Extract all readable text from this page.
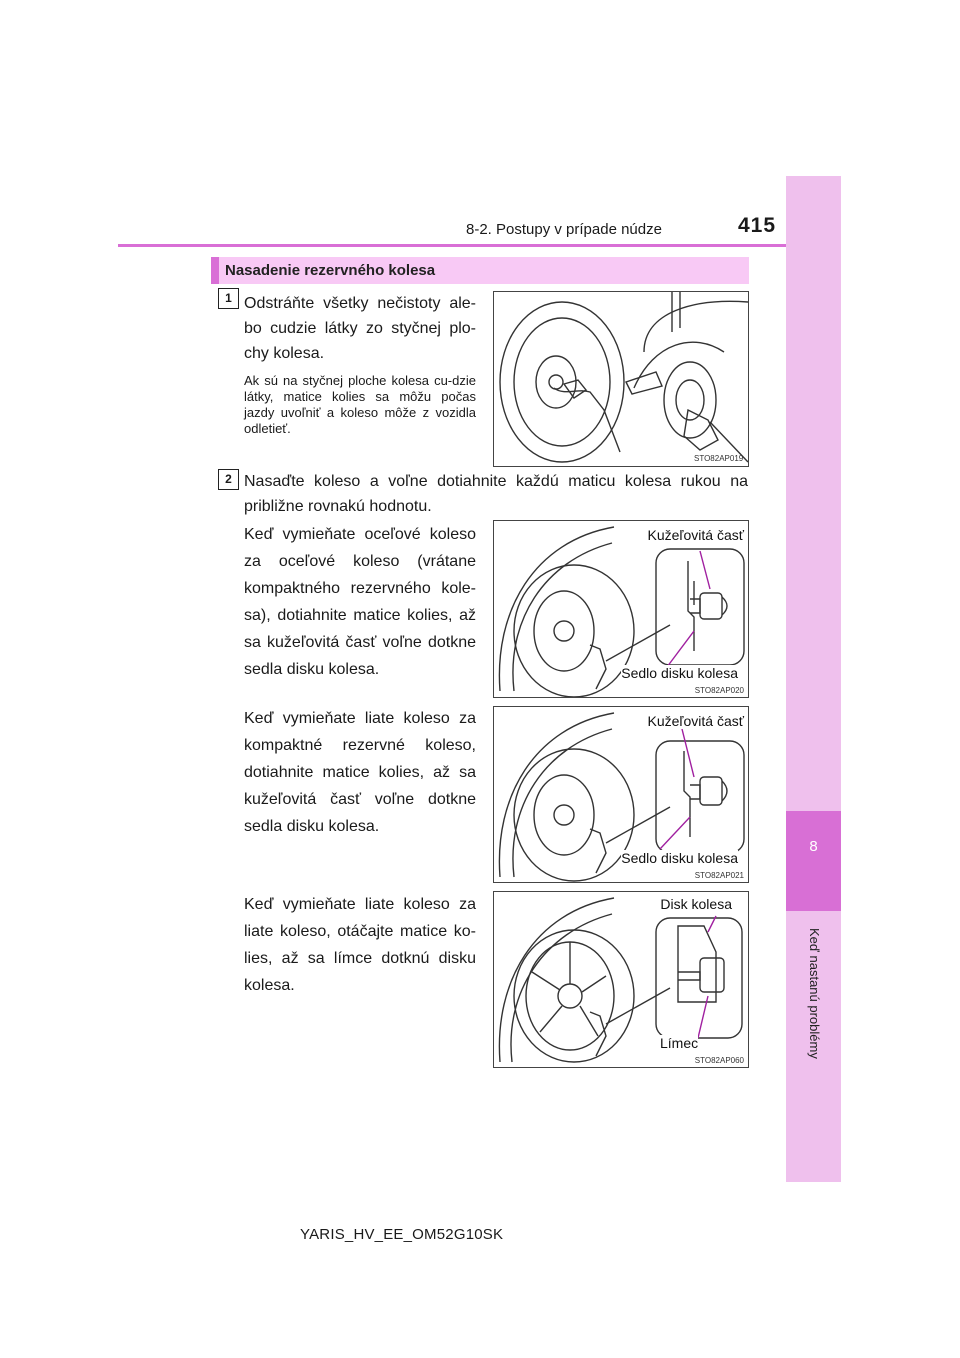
8
Keď nastanú problémy
8-2. Postupy v prípade núdze	415
Nasadenie rezervného kolesa
1 Odstráňte všetky nečistoty ale-bo cudzie látky zo styčnej plo-chy kolesa.
Ak sú na styčnej ploche kolesa cu-dzie látky, matice kolies sa môžu počas jazdy uvoľniť a koleso môže z vozidla odletieť.
STO82AP019
2 Nasaďte koleso a voľne dotiahnite každú maticu kolesa rukou na približne rovnakú hodnotu.
Keď vymieňate oceľové koleso za oceľové koleso (vrátane kompaktného rezervného kole-sa), dotiahnite matice kolies, až sa kužeľovitá časť voľne dotkne sedla disku kolesa.
Kužeľovitá časť
Sedlo disku kolesa
STO82AP020
Keď vymieňate liate koleso za kompaktné rezervné koleso, dotiahnite matice kolies, až sa kužeľovitá časť voľne dotkne sedla disku kolesa.
Kužeľovitá časť
Sedlo disku kolesa
STO82AP021
Keď vymieňate liate koleso za liate koleso, otáčajte matice ko-lies, až sa límce dotknú disku kolesa.
Disk kolesa
Límec
STO82AP060
YARIS_HV_EE_OM52G10SK
